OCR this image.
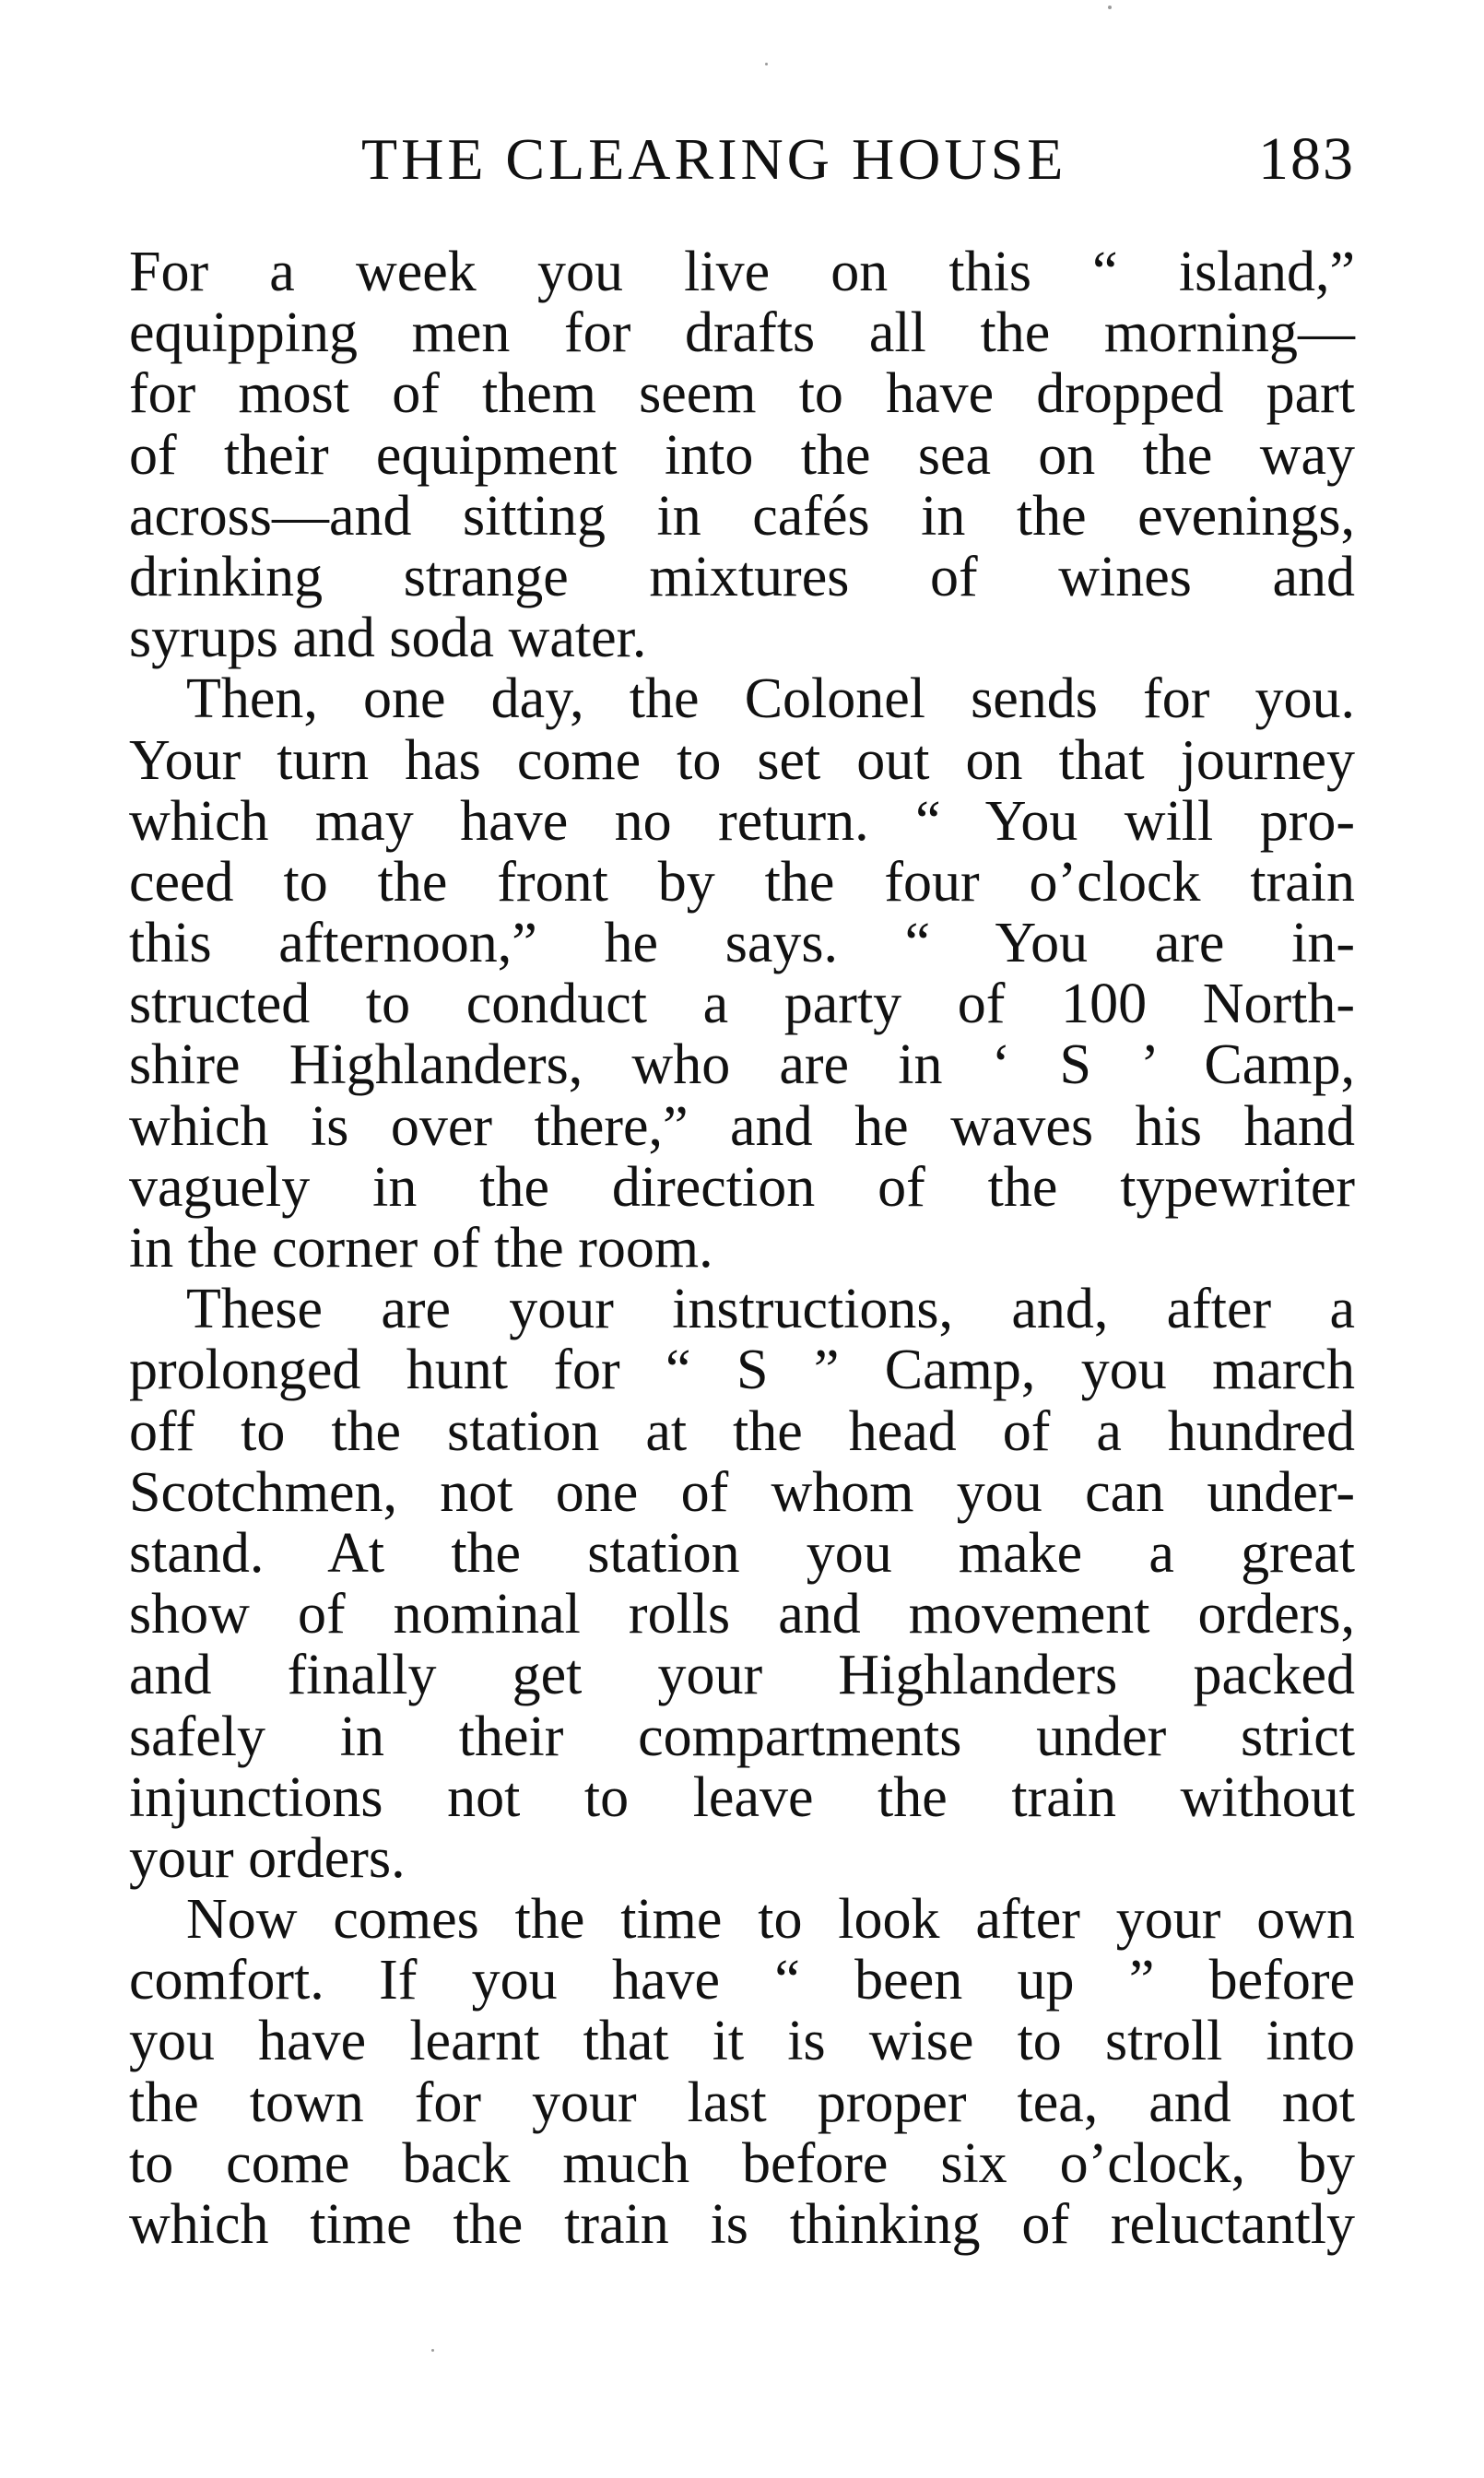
THE CLEARING HOUSE	183
For a week you live on this “ island,”
equipping men for drafts all the morning—
for most of them seem to have dropped part
of their equipment into the sea on the way
across—and sitting in cafés in the evenings,
drinking strange mixtures of wines and
syrups and soda water.
Then, one day, the Colonel sends for you.
Your turn has come to set out on that journey
which may have no return. “ You will pro-
ceed to the front by the four o’clock train
this afternoon,” he says. “ You are in-
structed to conduct a party of 100 North-
shire Highlanders, who are in ‘ S ’ Camp,
which is over there,” and he waves his hand
vaguely in the direction of the typewriter
in the corner of the room.
These are your instructions, and, after a
prolonged hunt for “ S ” Camp, you march
off to the station at the head of a hundred
Scotchmen, not one of whom you can under-
stand. At the station you make a great
show of nominal rolls and movement orders,
and finally get your Highlanders packed
safely in their compartments under strict
injunctions not to leave the train without
your orders.
Now comes the time to look after your own
comfort. If you have “ been up ” before
you have learnt that it is wise to stroll into
the town for your last proper tea, and not
to come back much before six o’clock, by
which time the train is thinking of reluctantly
